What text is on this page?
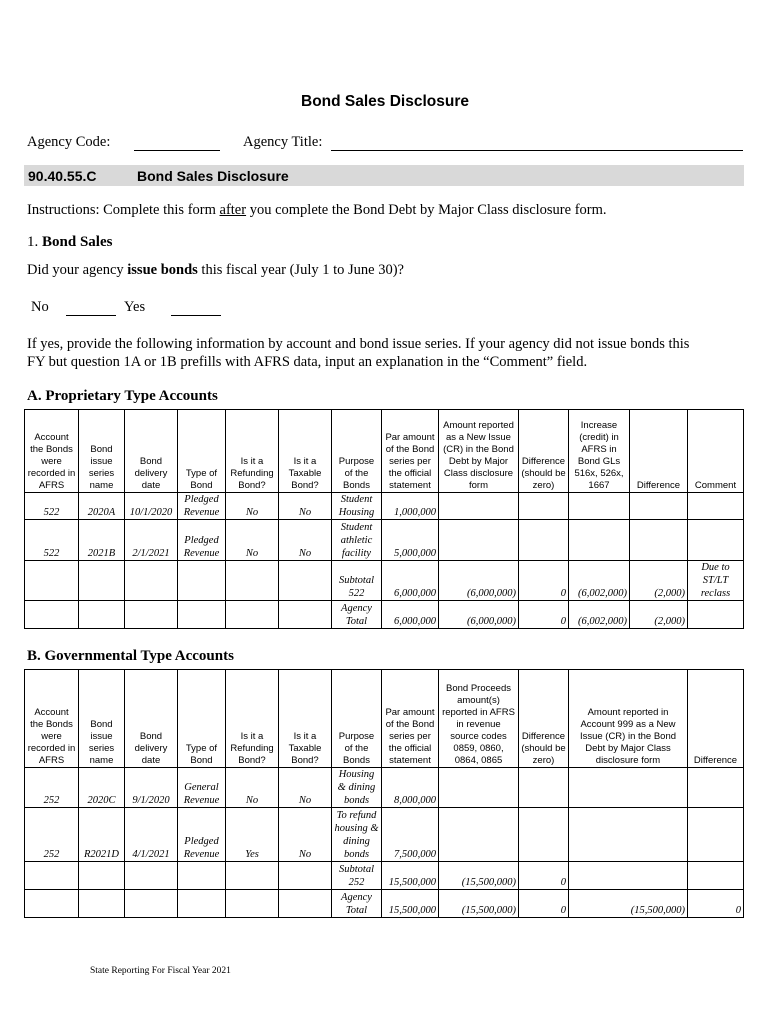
Bond Sales Disclosure
Agency Code:	Agency Title:
90.40.55.C	Bond Sales Disclosure
Instructions: Complete this form after you complete the Bond Debt by Major Class disclosure form.
1. Bond Sales
Did your agency issue bonds this fiscal year (July 1 to June 30)?
No	Yes
If yes, provide the following information by account and bond issue series. If your agency did not issue bonds this
FY but question 1A or 1B prefills with AFRS data, input an explanation in the “Comment” field.
A. Proprietary Type Accounts
Account the Bonds were recorded in AFRS	Bond issue series name	Bond delivery date	Type of Bond	Is it a Refunding Bond?	Is it a Taxable Bond?	Purpose of the Bonds	Par amount of the Bond series per the official statement	Amount reported as a New Issue (CR) in the Bond Debt by Major Class disclosure form	Difference (should be zero)	Increase (credit) in AFRS in Bond GLs 516x, 526x, 1667	Difference	Comment
522	2020A	10/1/2020	Pledged Revenue	No	No	Student Housing	1,000,000					
522	2021B	2/1/2021	Pledged Revenue	No	No	Student athletic facility	5,000,000					
						Subtotal 522	6,000,000	(6,000,000)	0	(6,002,000)	(2,000)	Due to ST/LT reclass
						Agency Total	6,000,000	(6,000,000)	0	(6,002,000)	(2,000)	
B. Governmental Type Accounts
Account the Bonds were recorded in AFRS	Bond issue series name	Bond delivery date	Type of Bond	Is it a Refunding Bond?	Is it a Taxable Bond?	Purpose of the Bonds	Par amount of the Bond series per the official statement	Bond Proceeds amount(s) reported in AFRS in revenue source codes 0859, 0860, 0864, 0865	Difference (should be zero)	Amount reported in Account 999 as a New Issue (CR) in the Bond Debt by Major Class disclosure form	Difference
252	2020C	9/1/2020	General Revenue	No	No	Housing & dining bonds	8,000,000				
252	R2021D	4/1/2021	Pledged Revenue	Yes	No	To refund housing & dining bonds	7,500,000				
						Subtotal 252	15,500,000	(15,500,000)	0		
						Agency Total	15,500,000	(15,500,000)	0	(15,500,000)	0
State Reporting For Fiscal Year 2021
